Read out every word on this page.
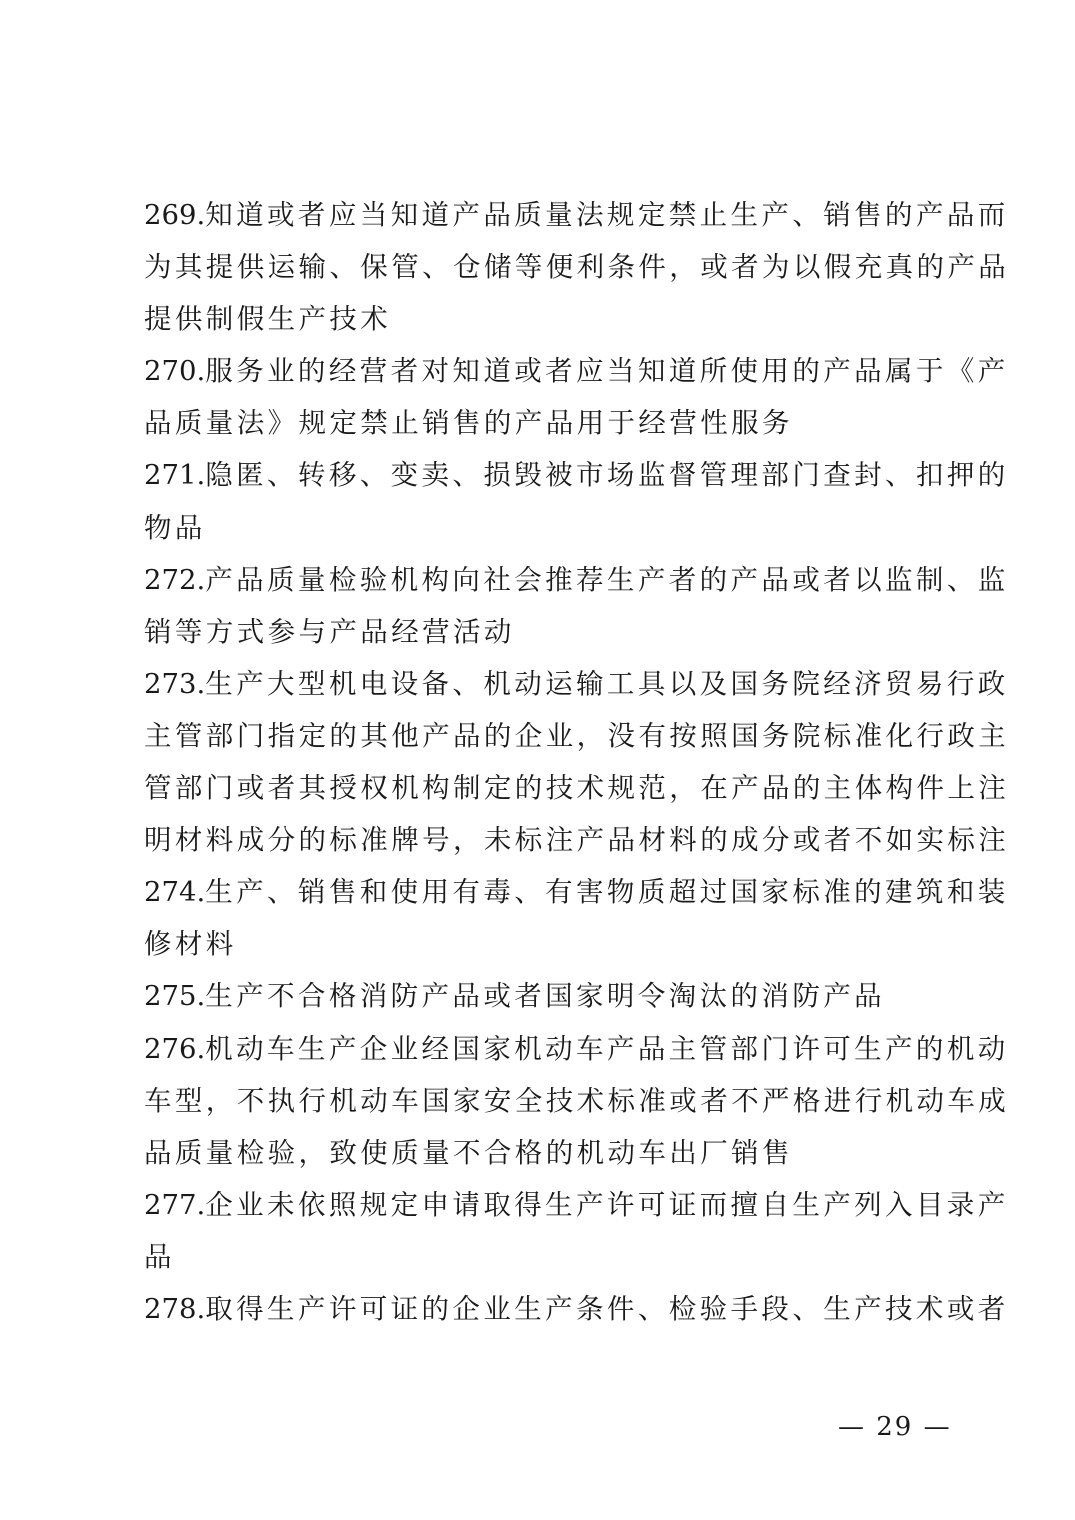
269.知道或者应当知道产品质量法规定禁止生产、销售的产品而
为其提供运输、保管、仓储等便利条件，或者为以假充真的产品
提供制假生产技术
270.服务业的经营者对知道或者应当知道所使用的产品属于《产
品质量法》规定禁止销售的产品用于经营性服务
271.隐匿、转移、变卖、损毁被市场监督管理部门查封、扣押的
物品
272.产品质量检验机构向社会推荐生产者的产品或者以监制、监
销等方式参与产品经营活动
273.生产大型机电设备、机动运输工具以及国务院经济贸易行政
主管部门指定的其他产品的企业，没有按照国务院标准化行政主
管部门或者其授权机构制定的技术规范，在产品的主体构件上注
明材料成分的标准牌号，未标注产品材料的成分或者不如实标注
274.生产、销售和使用有毒、有害物质超过国家标准的建筑和装
修材料
275.生产不合格消防产品或者国家明令淘汰的消防产品
276.机动车生产企业经国家机动车产品主管部门许可生产的机动
车型，不执行机动车国家安全技术标准或者不严格进行机动车成
品质量检验，致使质量不合格的机动车出厂销售
277.企业未依照规定申请取得生产许可证而擅自生产列入目录产
品
278.取得生产许可证的企业生产条件、检验手段、生产技术或者
— 29 —
